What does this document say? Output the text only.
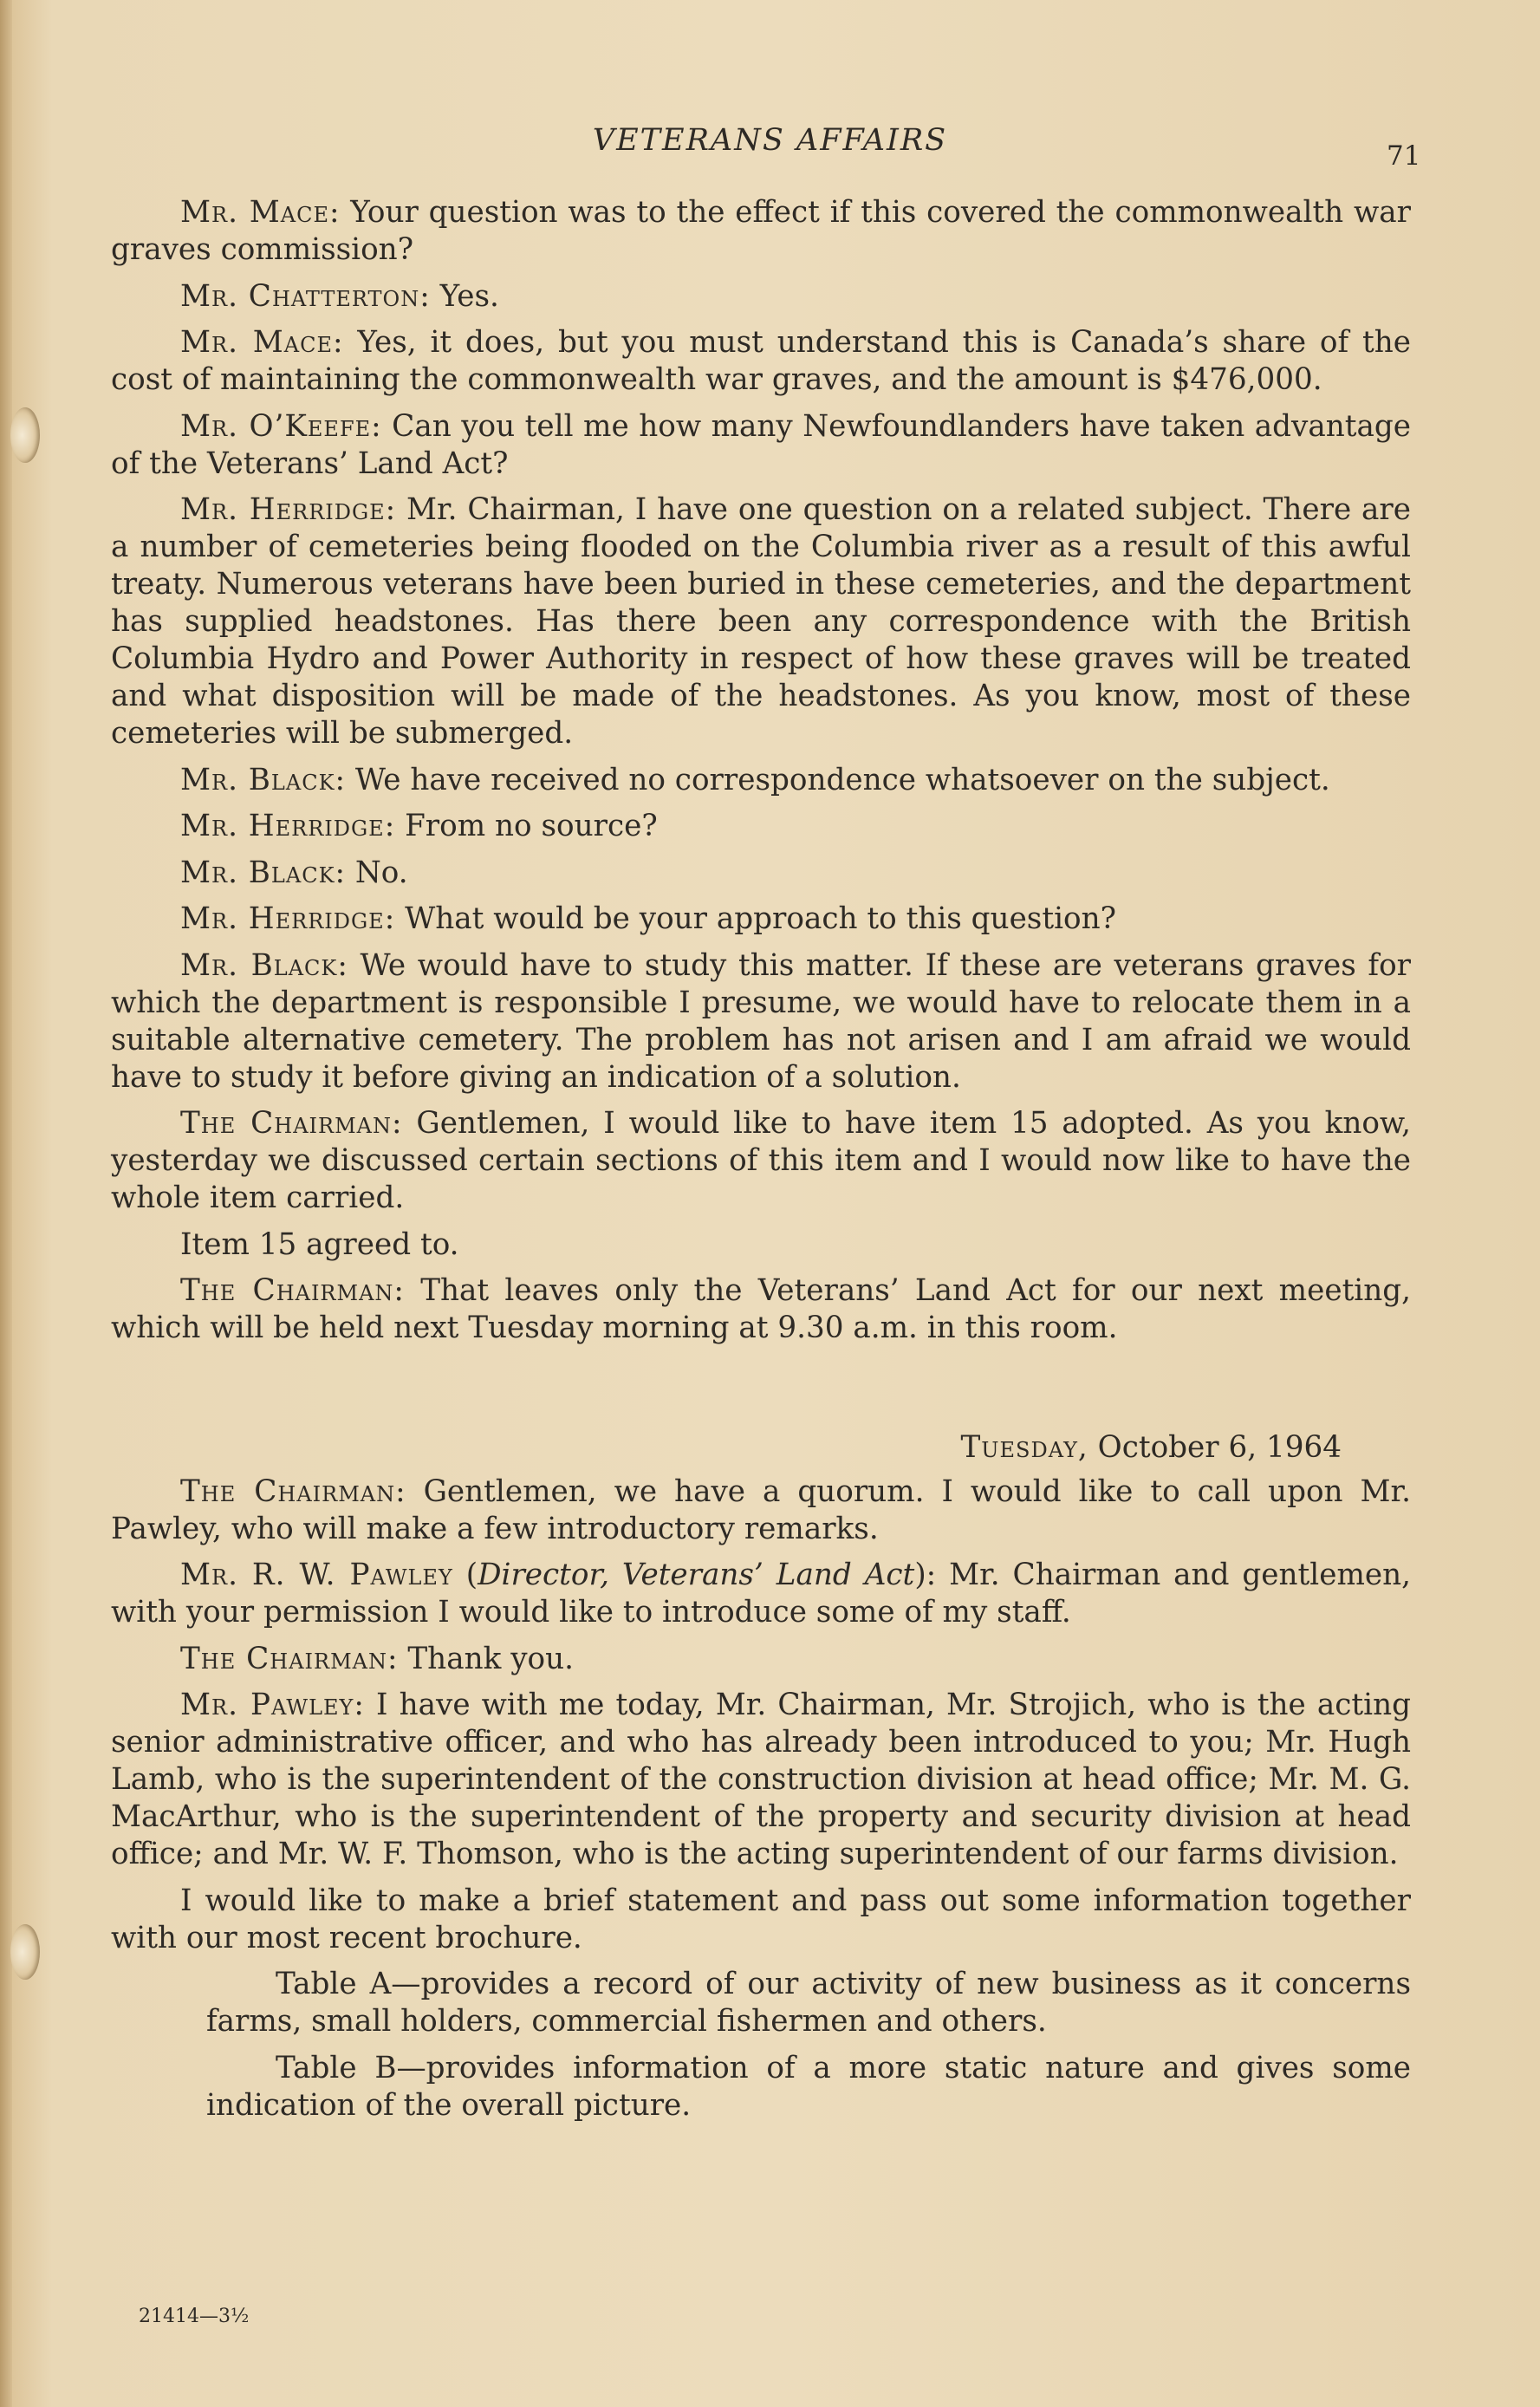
VETERANS AFFAIRS	71

Mr. Mace: Your question was to the effect if this covered the commonwealth war graves commission?

Mr. Chatterton: Yes.

Mr. Mace: Yes, it does, but you must understand this is Canada’s share of the cost of maintaining the commonwealth war graves, and the amount is $476,000.

Mr. O’Keefe: Can you tell me how many Newfoundlanders have taken advantage of the Veterans’ Land Act?

Mr. Herridge: Mr. Chairman, I have one question on a related subject. There are a number of cemeteries being flooded on the Columbia river as a result of this awful treaty. Numerous veterans have been buried in these cemeteries, and the department has supplied headstones. Has there been any correspondence with the British Columbia Hydro and Power Authority in respect of how these graves will be treated and what disposition will be made of the headstones. As you know, most of these cemeteries will be submerged.

Mr. Black: We have received no correspondence whatsoever on the subject.

Mr. Herridge: From no source?

Mr. Black: No.

Mr. Herridge: What would be your approach to this question?

Mr. Black: We would have to study this matter. If these are veterans graves for which the department is responsible I presume, we would have to relocate them in a suitable alternative cemetery. The problem has not arisen and I am afraid we would have to study it before giving an indication of a solution.

The Chairman: Gentlemen, I would like to have item 15 adopted. As you know, yesterday we discussed certain sections of this item and I would now like to have the whole item carried.

Item 15 agreed to.

The Chairman: That leaves only the Veterans’ Land Act for our next meeting, which will be held next Tuesday morning at 9.30 a.m. in this room.

Tuesday, October 6, 1964

The Chairman: Gentlemen, we have a quorum. I would like to call upon Mr. Pawley, who will make a few introductory remarks.

Mr. R. W. Pawley (Director, Veterans’ Land Act): Mr. Chairman and gentlemen, with your permission I would like to introduce some of my staff.

The Chairman: Thank you.

Mr. Pawley: I have with me today, Mr. Chairman, Mr. Strojich, who is the acting senior administrative officer, and who has already been introduced to you; Mr. Hugh Lamb, who is the superintendent of the construction division at head office; Mr. M. G. MacArthur, who is the superintendent of the property and security division at head office; and Mr. W. F. Thomson, who is the acting superintendent of our farms division.

I would like to make a brief statement and pass out some information together with our most recent brochure.

Table A—provides a record of our activity of new business as it concerns farms, small holders, commercial fishermen and others.

Table B—provides information of a more static nature and gives some indication of the overall picture.

21414—3½
